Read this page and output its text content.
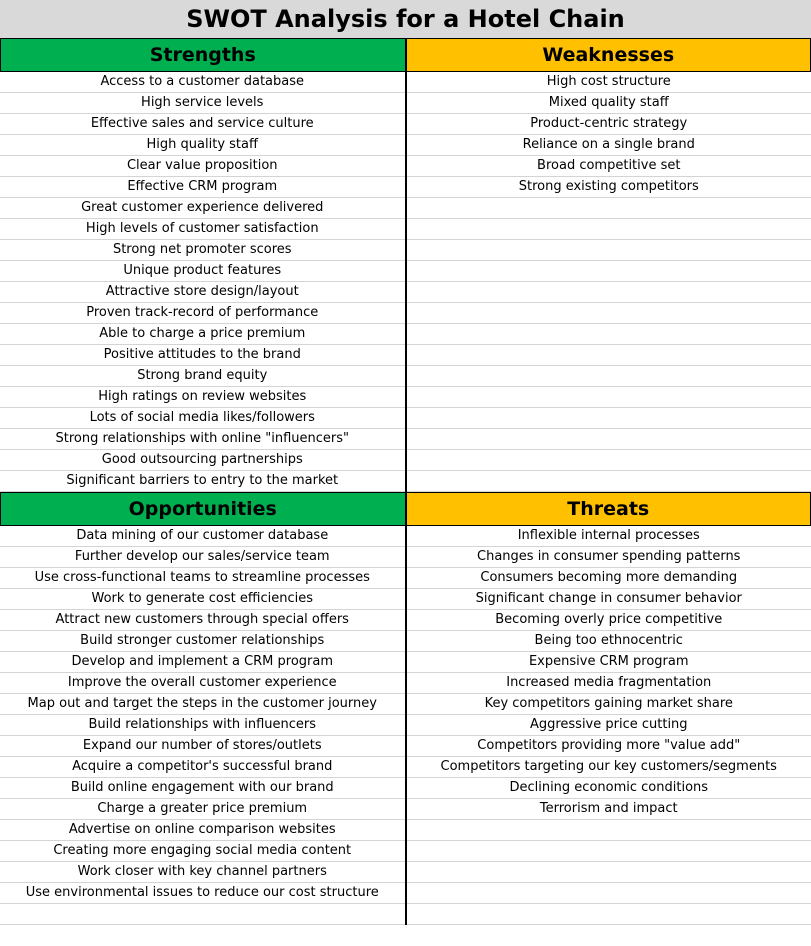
SWOT Analysis for a Hotel Chain
Strengths	Weaknesses
Access to a customer database
High service levels
Effective sales and service culture
High quality staff
Clear value proposition
Effective CRM program
Great customer experience delivered
High levels of customer satisfaction
Strong net promoter scores
Unique product features
Attractive store design/layout
Proven track-record of performance
Able to charge a price premium
Positive attitudes to the brand
Strong brand equity
High ratings on review websites
Lots of social media likes/followers
Strong relationships with online "influencers"
Good outsourcing partnerships
Significant barriers to entry to the market
High cost structure
Mixed quality staff
Product-centric strategy
Reliance on a single brand
Broad competitive set
Strong existing competitors
Opportunities	Threats
Data mining of our customer database
Further develop our sales/service team
Use cross-functional teams to streamline processes
Work to generate cost efficiencies
Attract new customers through special offers
Build stronger customer relationships
Develop and implement a CRM program
Improve the overall customer experience
Map out and target the steps in the customer journey
Build relationships with influencers
Expand our number of stores/outlets
Acquire a competitor's successful brand
Build online engagement with our brand
Charge a greater price premium
Advertise on online comparison websites
Creating more engaging social media content
Work closer with key channel partners
Use environmental issues to reduce our cost structure
Inflexible internal processes
Changes in consumer spending patterns
Consumers becoming more demanding
Significant change in consumer behavior
Becoming overly price competitive
Being too ethnocentric
Expensive CRM program
Increased media fragmentation
Key competitors gaining market share
Aggressive price cutting
Competitors providing more "value add"
Competitors targeting our key customers/segments
Declining economic conditions
Terrorism and impact
